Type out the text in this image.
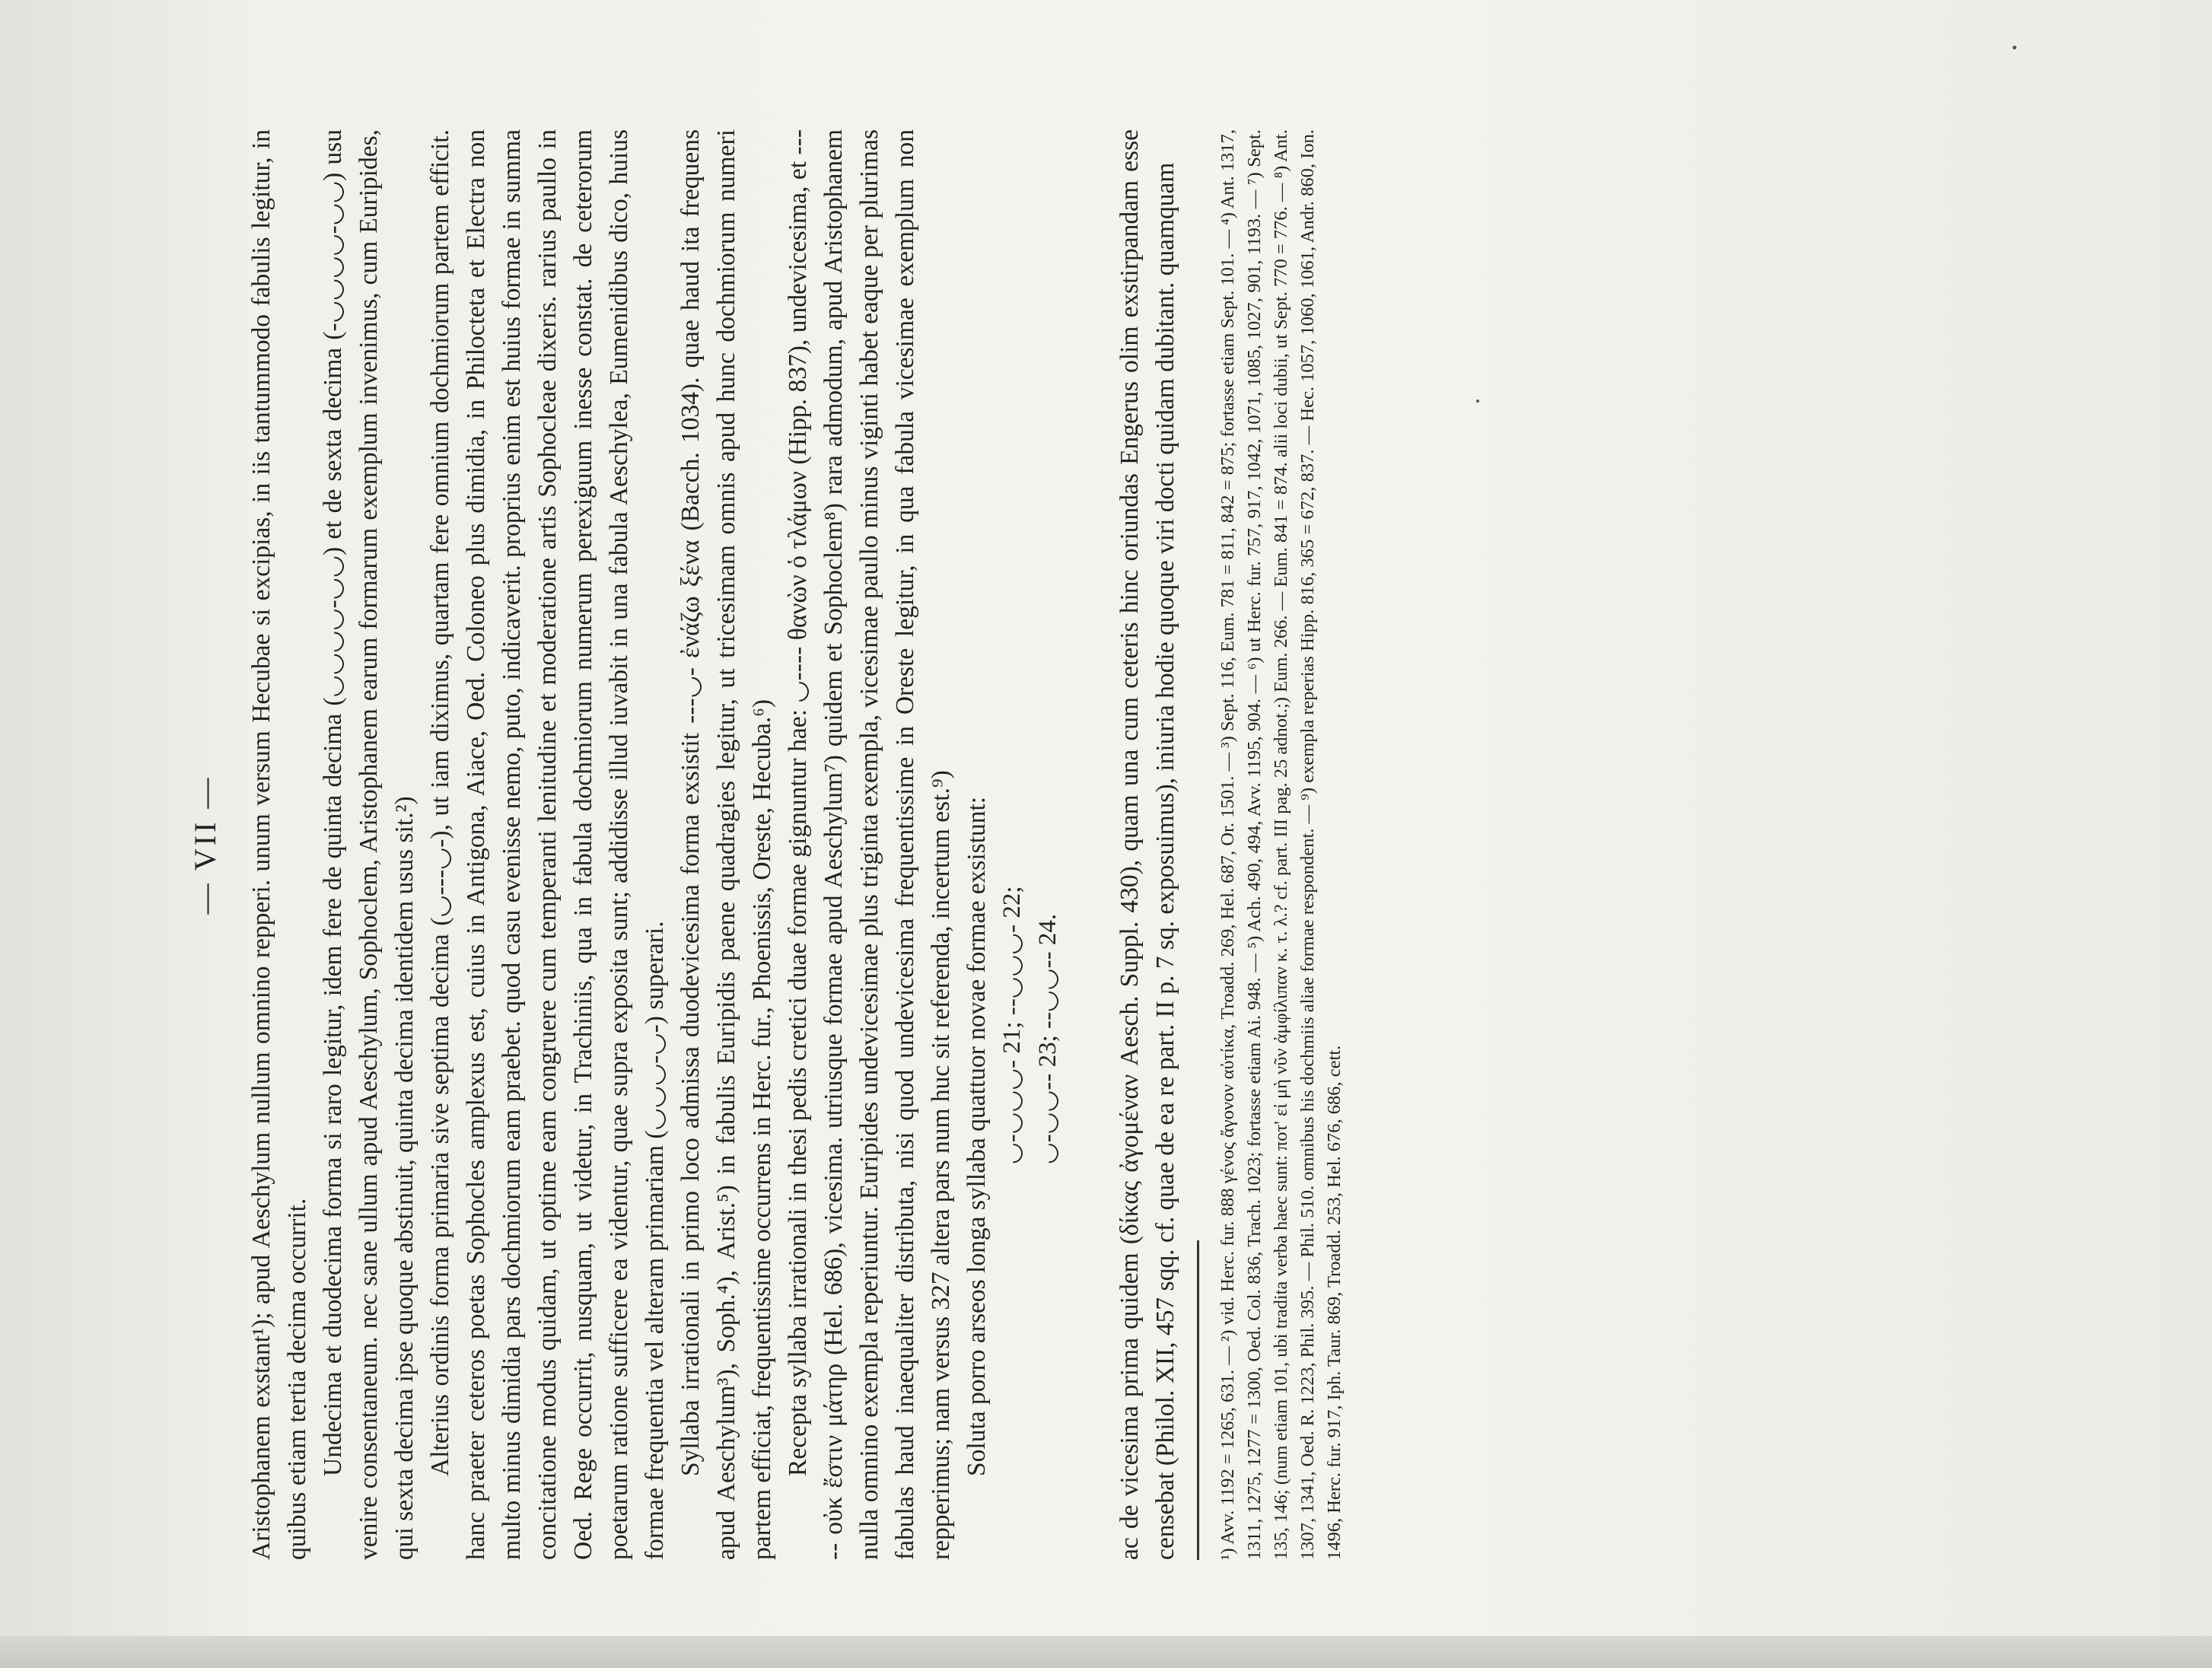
— VII — Aristophanem exstant¹); apud Aeschylum nullum omnino repperi. unum versum Hecubae si excipias, in iis tantummodo fabulis legitur, in quibus etiam tertia decima occurrit. Undecima et duodecima forma si raro legitur, idem fere de quinta decima (◡◡◡◡-◡◡) et de sexta decima (-◡◡◡◡-◡◡) usu venire consentaneum. nec sane ullum apud Aeschylum, Sophoclem, Aristophanem earum formarum exemplum invenimus, cum Euripides, qui sexta decima ipse quoque abstinuit, quinta decima identidem usus sit.²) Alterius ordinis forma primaria sive septima decima (◡---◡-), ut iam diximus, quartam fere omnium dochmiorum partem efficit. hanc praeter ceteros poetas Sophocles amplexus est, cuius in Antigona, Aiace, Oed. Coloneo plus dimidia, in Philocteta et Electra non multo minus dimidia pars dochmiorum eam praebet. quod casu evenisse nemo, puto, indicaverit. proprius enim est huius formae in summa concitatione modus quidam, ut optime eam congruere cum temperanti lenitudine et moderatione artis Sophocleae dixeris. rarius paullo in Oed. Rege occurrit, nusquam, ut videtur, in Trachiniis, qua in fabula dochmiorum numerum perexiguum inesse constat. de ceterorum poetarum ratione sufficere ea videntur, quae supra exposita sunt; addidisse illud iuvabit in una fabula Aeschylea, Eumenidibus dico, huius formae frequentia vel alteram primariam (◡◡◡-◡-) superari. Syllaba irrationali in primo loco admissa duodevicesima forma exsistit ---◡- ἐνάζω ξένα (Bacch. 1034). quae haud ita frequens apud Aeschylum³), Soph.⁴), Arist.⁵) in fabulis Euripidis paene quadragies legitur, ut tricesimam omnis apud hunc dochmiorum numeri partem efficiat, frequentissime occurrens in Herc. fur., Phoenissis, Oreste, Hecuba.⁶) Recepta syllaba irrationali in thesi pedis cretici duae formae gignuntur hae: ◡---- θανὼν ὁ τλάμων (Hipp. 837), undevicesima, et ----- οὐκ ἔστιν μάτηρ (Hel. 686), vicesima. utriusque formae apud Aeschylum⁷) quidem et Sophoclem⁸) rara admodum, apud Aristophanem nulla omnino exempla reperiuntur. Euripides undevicesimae plus triginta exempla, vicesimae paullo minus viginti habet eaque per plurimas fabulas haud inaequaliter distributa, nisi quod undevicesima frequentissime in Oreste legitur, in qua fabula vicesimae exemplum non repperimus; nam versus 327 altera pars num huc sit referenda, incertum est.⁹) Soluta porro arseos longa syllaba quattuor novae formae exsistunt: ◡-◡◡◡- 21; --◡◡◡- 22; ◡-◡◡-- 23; --◡◡-- 24. ac de vicesima prima quidem (δίκας ἀγομέναν Aesch. Suppl. 430), quam una cum ceteris hinc oriundas Engerus olim exstirpandam esse censebat (Philol. XII, 457 sqq. cf. quae de ea re part. II p. 7 sq. exposuimus), iniuria hodie quoque viri docti quidam dubitant. quamquam ¹) Avv. 1192 = 1265, 631. — ²) vid. Herc. fur. 888 γένος ἄγονον αὐτίκα, Troadd. 269, Hel. 687, Or. 1501. — ³) Sept. 116, Eum. 781 = 811, 842 = 875; fortasse etiam Sept. 101. — ⁴) Ant. 1317, 1311, 1275, 1277 = 1300, Oed. Col. 836, Trach. 1023; fortasse etiam Ai. 948. — ⁵) Ach. 490, 494, Avv. 1195, 904. — ⁶) ut Herc. fur. 757, 917, 1042, 1071, 1085, 1027, 901, 1193. — ⁷) Sept. 135, 146; (num etiam 101, ubi tradita verba haec sunt: ποτ' εἰ μὴ νῦν ἀμφίλιπαν κ. τ. λ.? cf. part. III pag. 25 adnot.;) Eum. 266. — Eum. 841 = 874. alii loci dubii, ut Sept. 770 = 776. — ⁸) Ant. 1307, 1341, Oed. R. 1223, Phil. 395. — Phil. 510. omnibus his dochmiis aliae formae respondent. — ⁹) exempla reperias Hipp. 816, 365 = 672, 837. — Hec. 1057, 1060, 1061, Andr. 860, Ion. 1496, Herc. fur. 917, Iph. Taur. 869, Troadd. 253, Hel. 676, 686, cett.
